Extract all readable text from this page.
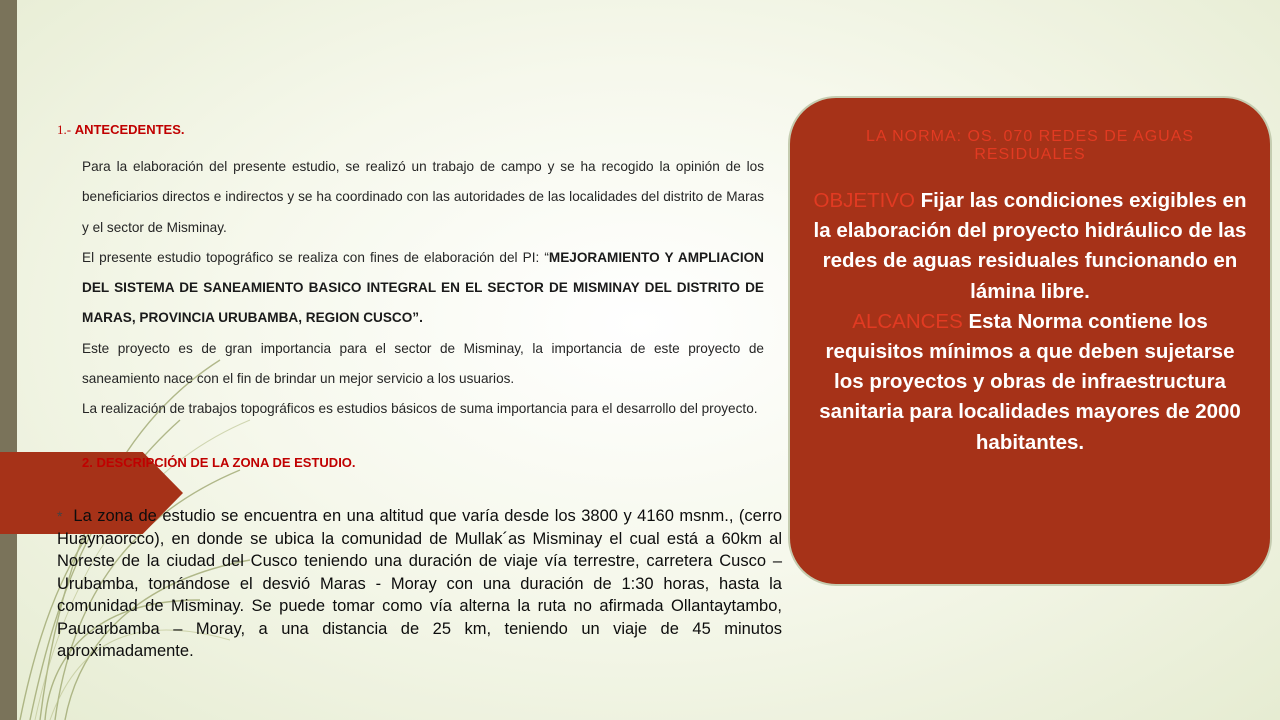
1.- ANTECEDENTES.

Para la elaboración del presente estudio, se realizó un trabajo de campo y se ha recogido la opinión de los beneficiarios directos e indirectos y se ha coordinado con las autoridades de las localidades del distrito de Maras y el sector de Misminay.

El presente estudio topográfico se realiza con fines de elaboración del PI: “MEJORAMIENTO Y AMPLIACION DEL SISTEMA DE SANEAMIENTO BASICO INTEGRAL EN EL SECTOR DE MISMINAY DEL DISTRITO DE MARAS, PROVINCIA URUBAMBA, REGION CUSCO”.

Este proyecto es de gran importancia para el sector de Misminay, la importancia de este proyecto de saneamiento nace con el fin de brindar un mejor servicio a los usuarios.

La realización de trabajos topográficos es estudios básicos de suma importancia para el desarrollo del proyecto.

2. DESCRIPCIÓN DE LA ZONA DE ESTUDIO.
* La zona de estudio se encuentra en una altitud que varía desde los 3800 y 4160 msnm., (cerro Huaynaorcco), en donde se ubica la comunidad de Mullak´as Misminay el cual está a 60km al Noreste de la ciudad del Cusco teniendo una duración de viaje vía terrestre, carretera Cusco – Urubamba, tomándose el desvió Maras - Moray con una duración de 1:30 horas, hasta la comunidad de Misminay. Se puede tomar como vía alterna la ruta no afirmada Ollantaytambo, Paucarbamba – Moray, a una distancia de 25 km, teniendo un viaje de 45 minutos aproximadamente.
LA NORMA: OS. 070 REDES DE AGUAS RESIDUALES
OBJETIVO Fijar las condiciones exigibles en la elaboración del proyecto hidráulico de las redes de aguas residuales funcionando en lámina libre.
ALCANCES Esta Norma contiene los requisitos mínimos a que deben sujetarse los proyectos y obras de infraestructura sanitaria para localidades mayores de 2000 habitantes.
